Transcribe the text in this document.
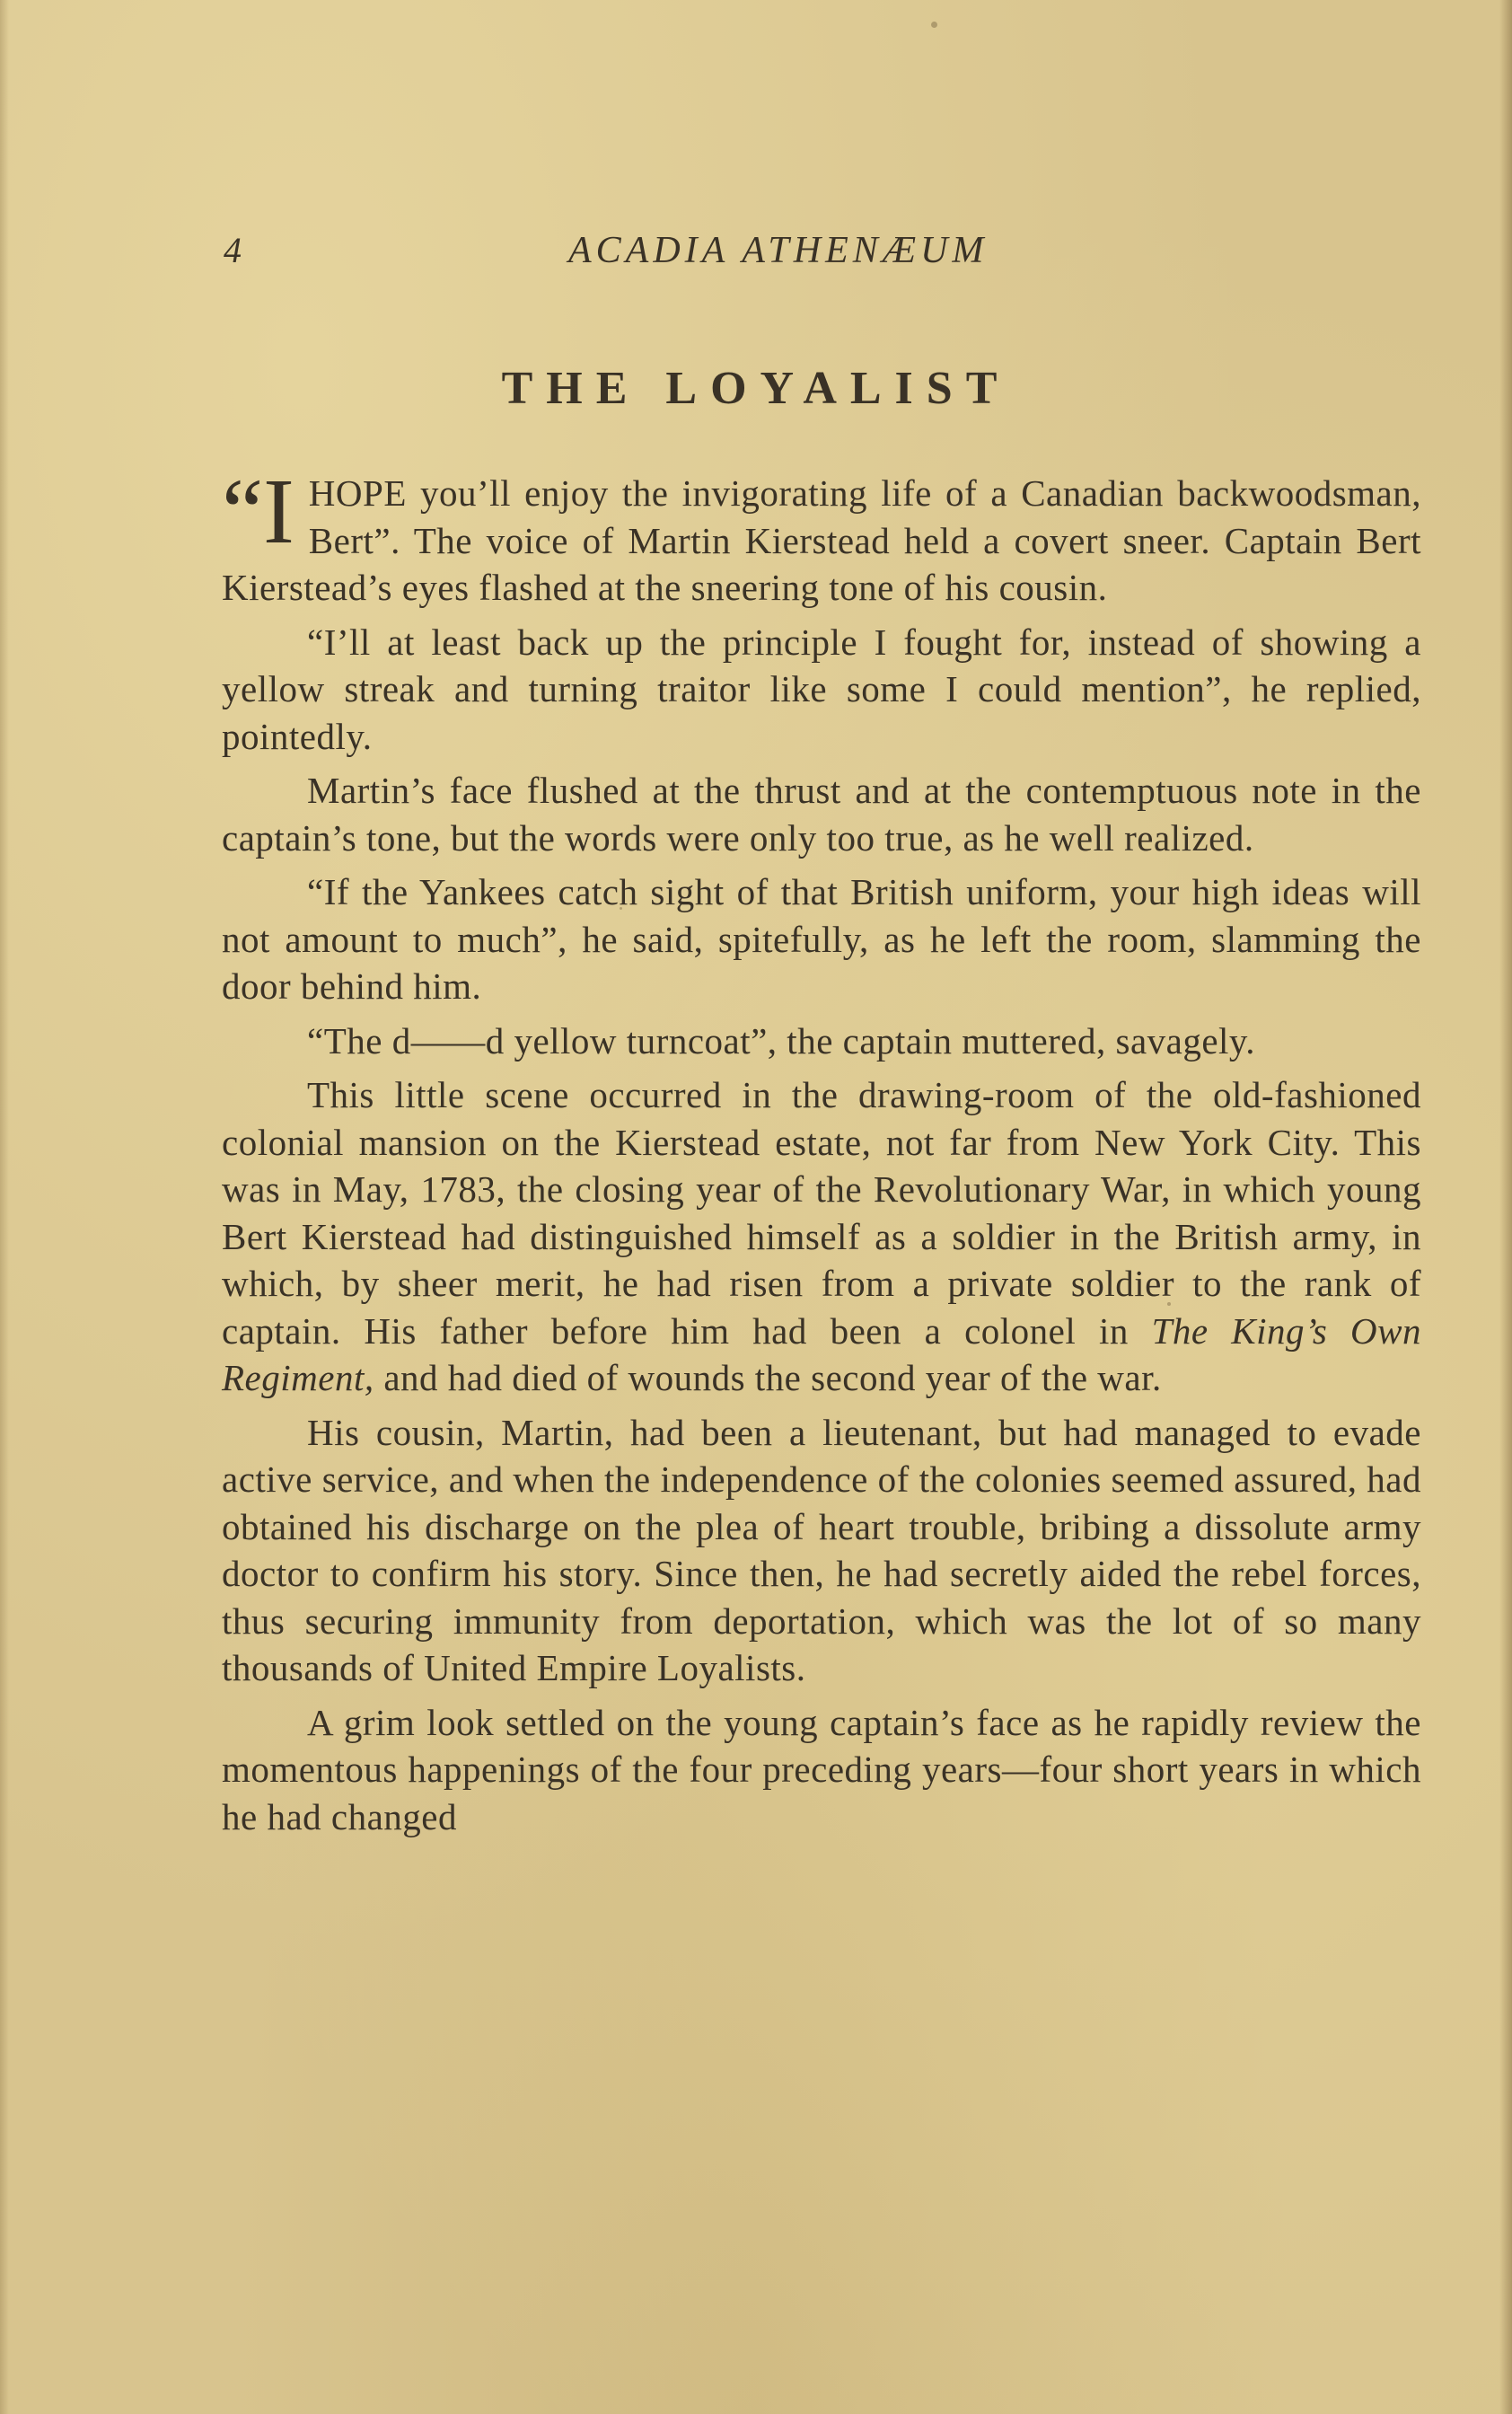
4	ACADIA ATHENÆUM
THE LOYALIST

“I HOPE you’ll enjoy the invigorating life of a Canadian backwoodsman, Bert”. The voice of Martin Kierstead held a covert sneer. Captain Bert Kierstead’s eyes flashed at the sneering tone of his cousin.

“I’ll at least back up the principle I fought for, instead of showing a yellow streak and turning traitor like some I could mention”, he replied, pointedly.

Martin’s face flushed at the thrust and at the contemptuous note in the captain’s tone, but the words were only too true, as he well realized.

“If the Yankees catch sight of that British uniform, your high ideas will not amount to much”, he said, spitefully, as he left the room, slamming the door behind him.

“The d——d yellow turncoat”, the captain muttered, savagely.

This little scene occurred in the drawing-room of the old-fashioned colonial mansion on the Kierstead estate, not far from New York City. This was in May, 1783, the closing year of the Revolutionary War, in which young Bert Kierstead had distinguished himself as a soldier in the British army, in which, by sheer merit, he had risen from a private soldier to the rank of captain. His father before him had been a colonel in The King’s Own Regiment, and had died of wounds the second year of the war.

His cousin, Martin, had been a lieutenant, but had managed to evade active service, and when the independence of the colonies seemed assured, had obtained his discharge on the plea of heart trouble, bribing a dissolute army doctor to confirm his story. Since then, he had secretly aided the rebel forces, thus securing immunity from deportation, which was the lot of so many thousands of United Empire Loyalists.

A grim look settled on the young captain’s face as he rapidly review the momentous happenings of the four preceding years—four short years in which he had changed
